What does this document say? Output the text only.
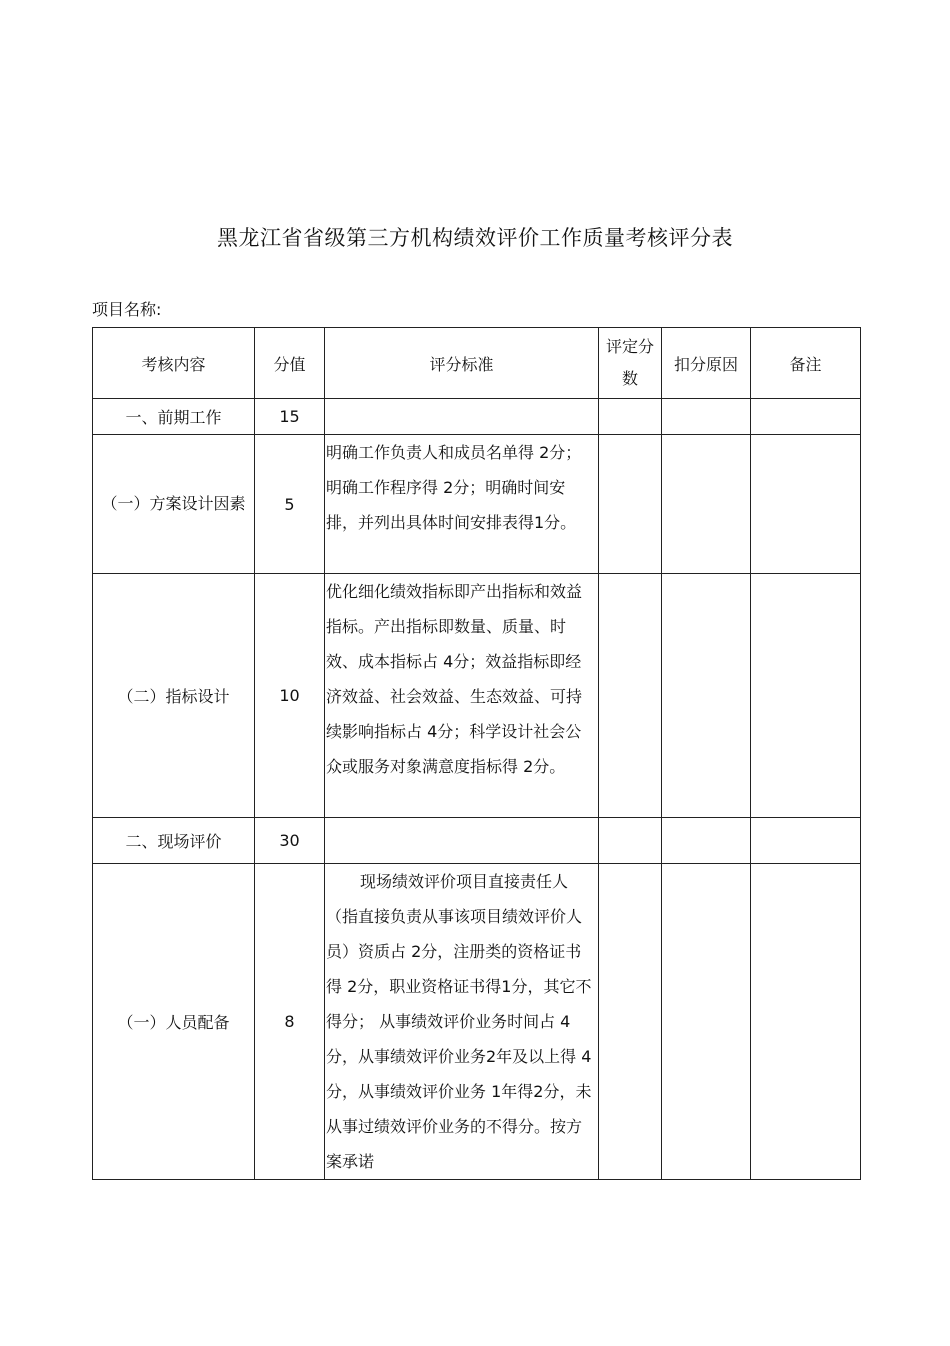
黑龙江省省级第三方机构绩效评价工作质量考核评分表
项目名称:
考核内容	分值	评分标准	评定分数	扣分原因	备注
一、前期工作	15				
（一）方案设计因素	5	明确工作负责人和成员名单得 2分；明确工作程序得 2分；明确时间安排，并列出具体时间安排表得1分。			
（二）指标设计	10	优化细化绩效指标即产出指标和效益指标。产出指标即数量、质量、时效、成本指标占 4分；效益指标即经济效益、社会效益、生态效益、可持续影响指标占 4分；科学设计社会公众或服务对象满意度指标得 2分。			
二、现场评价	30				
（一）人员配备	8	现场绩效评价项目直接责任人（指直接负责从事该项目绩效评价人员）资质占 2分，注册类的资格证书得 2分，职业资格证书得1分，其它不得分； 从事绩效评价业务时间占 4分，从事绩效评价业务2年及以上得 4分，从事绩效评价业务 1年得2分，未从事过绩效评价业务的不得分。按方案承诺			
